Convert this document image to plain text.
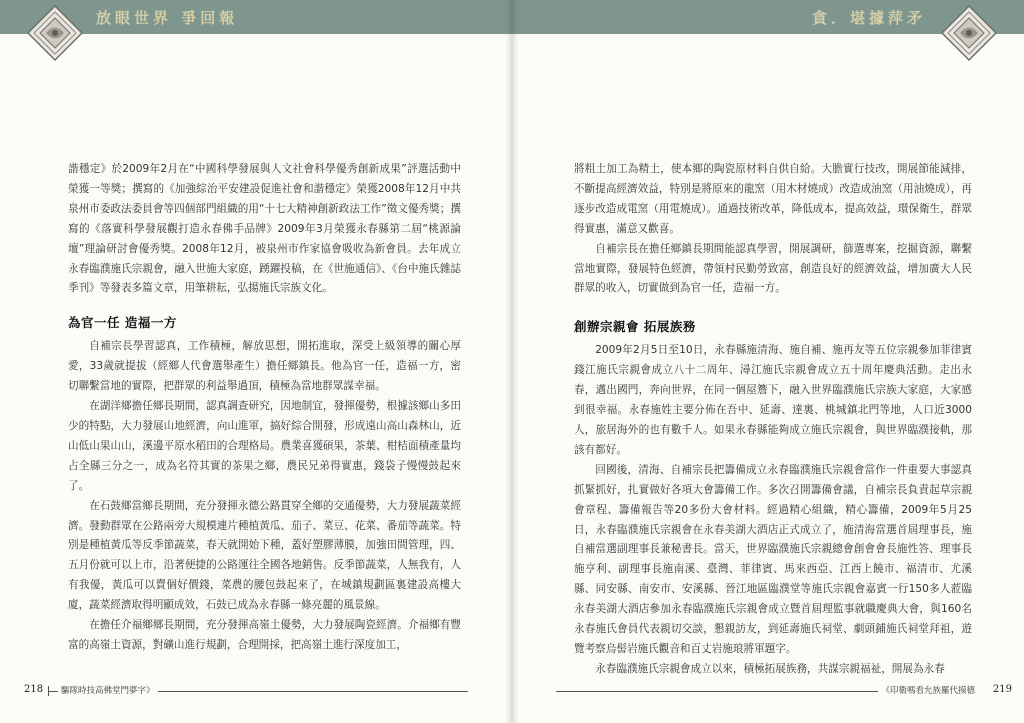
放眼世界 爭回報

諧穩定》於2009年2月在“中國科學發展與人文社會科學優秀創新成果”評選活動中榮獲一等獎；撰寫的《加強綜治平安建設促進社會和諧穩定》榮獲2008年12月中共泉州市委政法委員會等四個部門組織的用“十七大精神創新政法工作”徵文優秀獎；撰寫的《落實科學發展觀打造永春佛手品牌》2009年3月榮獲永春縣第二屆“桃源論壇”理論研討會優秀獎。2008年12月，被泉州市作家協會吸收為新會員。去年成立永春臨濮施氏宗親會，融入世施大家庭，踴躍投稿，在《世施通信》、《台中施氏雜誌季刊》等發表多篇文章，用筆耕耘，弘揚施氏宗族文化。

為官一任 造福一方

自補宗長學習認真，工作積極，解放思想，開拓進取，深受上級領導的關心厚愛，33歲就提拔（經鄉人代會選舉產生）擔任鄉鎮長。他為官一任，造福一方，密切聯繫當地的實際，把群眾的利益舉過頂，積極為當地群眾謀幸福。

在湖洋鄉擔任鄉長期間，認真調查研究，因地制宜，發揮優勢，根據該鄉山多田少的特點，大力發展山地經濟，向山進軍，搞好綜合開發，形成遠山高山森林山，近山低山果山山，溪邊平原水稻田的合理格局。農業喜獲碩果，茶葉、柑桔面積產量均占全縣三分之一，成為名符其實的茶果之鄉，農民兄弟得實惠，錢袋子慢慢鼓起來了。

在石鼓鄉當鄉長期間，充分發揮永德公路貫穿全鄉的交通優勢，大力發展蔬菜經濟。發動群眾在公路兩旁大規模連片種植黃瓜、茄子、菜豆、花菜、番茄等蔬菜。特別是種植黃瓜等反季節蔬菜，春天就開始下種，蓋好塑膠薄膜，加強田間管理，四、五月份就可以上市，沿著便捷的公路運往全國各地銷售。反季節蔬菜，人無我有，人有我優，黃瓜可以賣個好價錢，菜農的腰包鼓起來了，在城鎮規劃區裏建設高樓大廈，蔬菜經濟取得明顯成效，石鼓已成為永春縣一條亮麗的風景線。

在擔任介福鄉鄉長期間，充分發揮高嶺土優勢，大力發展陶瓷經濟。介福鄉有豐富的高嶺土資源，對礦山進行規劃，合理開採，把高嶺土進行深度加工，

218	驅隊時技高佛堂門夢字》
貪．堪據萍矛

將粗土加工為精土，使本鄉的陶瓷原材料自供自給。大膽實行技改，開展節能減排，不斷提高經濟效益，特別是將原來的龍窯（用木材燒成）改造成油窯（用油燒成），再逐步改造成電窯（用電燒成）。通過技術改革，降低成本，提高效益，環保衛生，群眾得實惠，滿意又歡喜。

自補宗長在擔任鄉鎮長期間能認真學習，開展調研，篩選專案，挖掘資源，聯繫當地實際，發展特色經濟，帶領村民勤勞致富，創造良好的經濟效益，增加廣大人民群眾的收入，切實做到為官一任，造福一方。

創辦宗親會 拓展族務

2009年2月5日至10日，永春縣施清海、施自補、施再友等五位宗親參加菲律賓錢江施氏宗親會成立八十二周年、潯江施氏宗親會成立五十周年慶典活動。走出永春，邁出國門，奔向世界，在同一個屋簷下，融入世界臨濮施氏宗族大家庭，大家感到很幸福。永春施姓主要分佈在吾中、延壽、達裏、桃城鎮北門等地，人口近3000人，旅居海外的也有數千人。如果永春縣能夠成立施氏宗親會，與世界臨濮接軌，那該有都好。

回國後，清海、自補宗長把籌備成立永春臨濮施氏宗親會當作一件重要大事認真抓緊抓好，扎實做好各項大會籌備工作。多次召開籌備會議，自補宗長負責起草宗親會章程、籌備報告等20多份大會材料。經過精心組織，精心籌備，2009年5月25日，永春臨濮施氏宗親會在永春美湖大酒店正式成立了，施清海當選首屆理事長，施自補當選副理事長兼秘書長。當天，世界臨濮施氏宗親總會創會會長施性答、理事長施亨利、副理事長施南溪、臺灣、菲律賓、馬來西亞、江西上饒市、福清市、尤溪縣、同安縣、南安市、安溪縣、晉江地區臨濮堂等施氏宗親會嘉賓一行150多人蒞臨永春美湖大酒店參加永春臨濮施氏宗親會成立暨首屆理監事就職慶典大會，與160名永春施氏會員代表親切交談，懇親訪友，到延壽施氏祠堂、劇頭鋪施氏祠堂拜祖，遊覽考察烏髻岩施氏觀音和百丈岩施琅將軍題字。

永春臨濮施氏宗親會成立以來，積極拓展族務，共謀宗親福祉，開展為永春

219
《印衛嗎看允族羅代摸德
